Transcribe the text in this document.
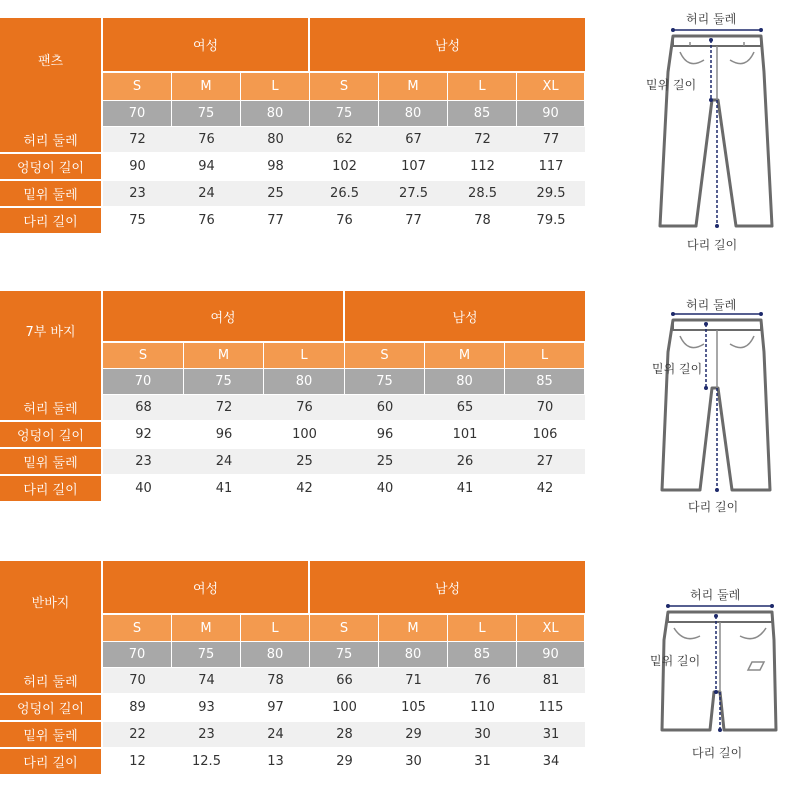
팬츠	여성			남성			
	S	M	L	S	M	L	XL
	70	75	80	75	80	85	90
허리 둘레	72	76	80	62	67	72	77
엉덩이 길이	90	94	98	102	107	112	117
밑위 둘레	23	24	25	26.5	27.5	28.5	29.5
다리 길이	75	76	77	76	77	78	79.5
7부 바지	여성			남성		
	S	M	L	S	M	L
	70	75	80	75	80	85
허리 둘레	68	72	76	60	65	70
엉덩이 길이	92	96	100	96	101	106
밑위 둘레	23	24	25	25	26	27
다리 길이	40	41	42	40	41	42
반바지	여성			남성			
	S	M	L	S	M	L	XL
	70	75	80	75	80	85	90
허리 둘레	70	74	78	66	71	76	81
엉덩이 길이	89	93	97	100	105	110	115
밑위 둘레	22	23	24	28	29	30	31
다리 길이	12	12.5	13	29	30	31	34
허리 둘레
밑위 길이
다리 길이
허리 둘레
밑위 길이
다리 길이
허리 둘레
밑위 길이
다리 길이
